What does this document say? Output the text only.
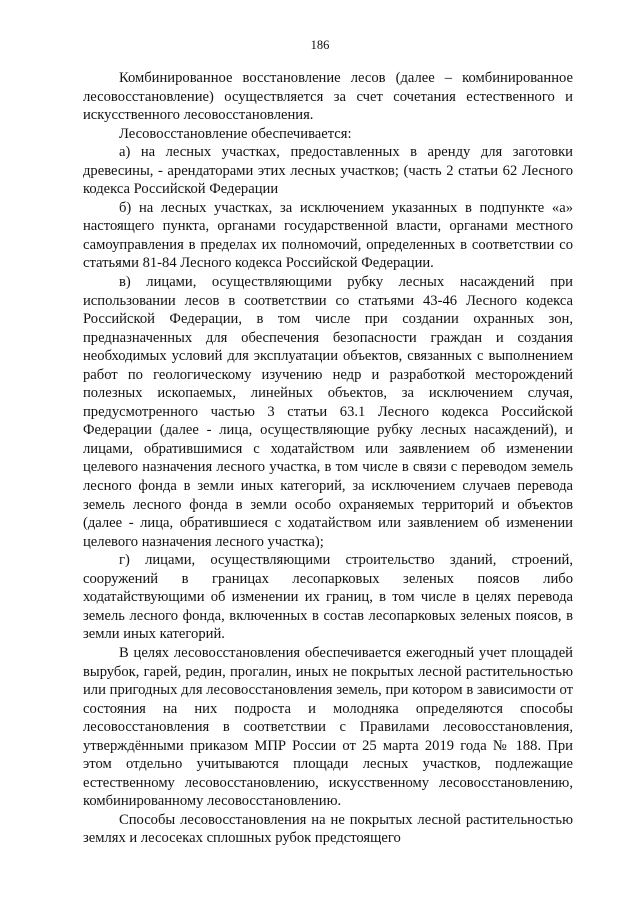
186

Комбинированное восстановление лесов (далее – комбинированное лесовосстановление) осуществляется за счет сочетания естественного и искусственного лесовосстановления.

Лесовосстановление обеспечивается:

а) на лесных участках, предоставленных в аренду для заготовки древесины, - арендаторами этих лесных участков; (часть 2 статьи 62 Лесного кодекса Российской Федерации

б) на лесных участках, за исключением указанных в подпункте «а» настоящего пункта, органами государственной власти, органами местного самоуправления в пределах их полномочий, определенных в соответствии со статьями 81-84 Лесного кодекса Российской Федерации.

в) лицами, осуществляющими рубку лесных насаждений при использовании лесов в соответствии со статьями 43-46 Лесного кодекса Российской Федерации, в том числе при создании охранных зон, предназначенных для обеспечения безопасности граждан и создания необходимых условий для эксплуатации объектов, связанных с выполнением работ по геологическому изучению недр и разработкой месторождений полезных ископаемых, линейных объектов, за исключением случая, предусмотренного частью 3 статьи 63.1 Лесного кодекса Российской Федерации (далее - лица, осуществляющие рубку лесных насаждений), и лицами, обратившимися с ходатайством или заявлением об изменении целевого назначения лесного участка, в том числе в связи с переводом земель лесного фонда в земли иных категорий, за исключением случаев перевода земель лесного фонда в земли особо охраняемых территорий и объектов (далее - лица, обратившиеся с ходатайством или заявлением об изменении целевого назначения лесного участка);

г) лицами, осуществляющими строительство зданий, строений, сооружений в границах лесопарковых зеленых поясов либо ходатайствующими об изменении их границ, в том числе в целях перевода земель лесного фонда, включенных в состав лесопарковых зеленых поясов, в земли иных категорий.

В целях лесовосстановления обеспечивается ежегодный учет площадей вырубок, гарей, редин, прогалин, иных не покрытых лесной растительностью или пригодных для лесовосстановления земель, при котором в зависимости от состояния на них подроста и молодняка определяются способы лесовосстановления в соответствии с Правилами лесовосстановления, утверждёнными приказом МПР России от 25 марта 2019 года № 188. При этом отдельно учитываются площади лесных участков, подлежащие естественному лесовосстановлению, искусственному лесовосстановлению, комбинированному лесовосстановлению.

Способы лесовосстановления на не покрытых лесной растительностью землях и лесосеках сплошных рубок предстоящего
